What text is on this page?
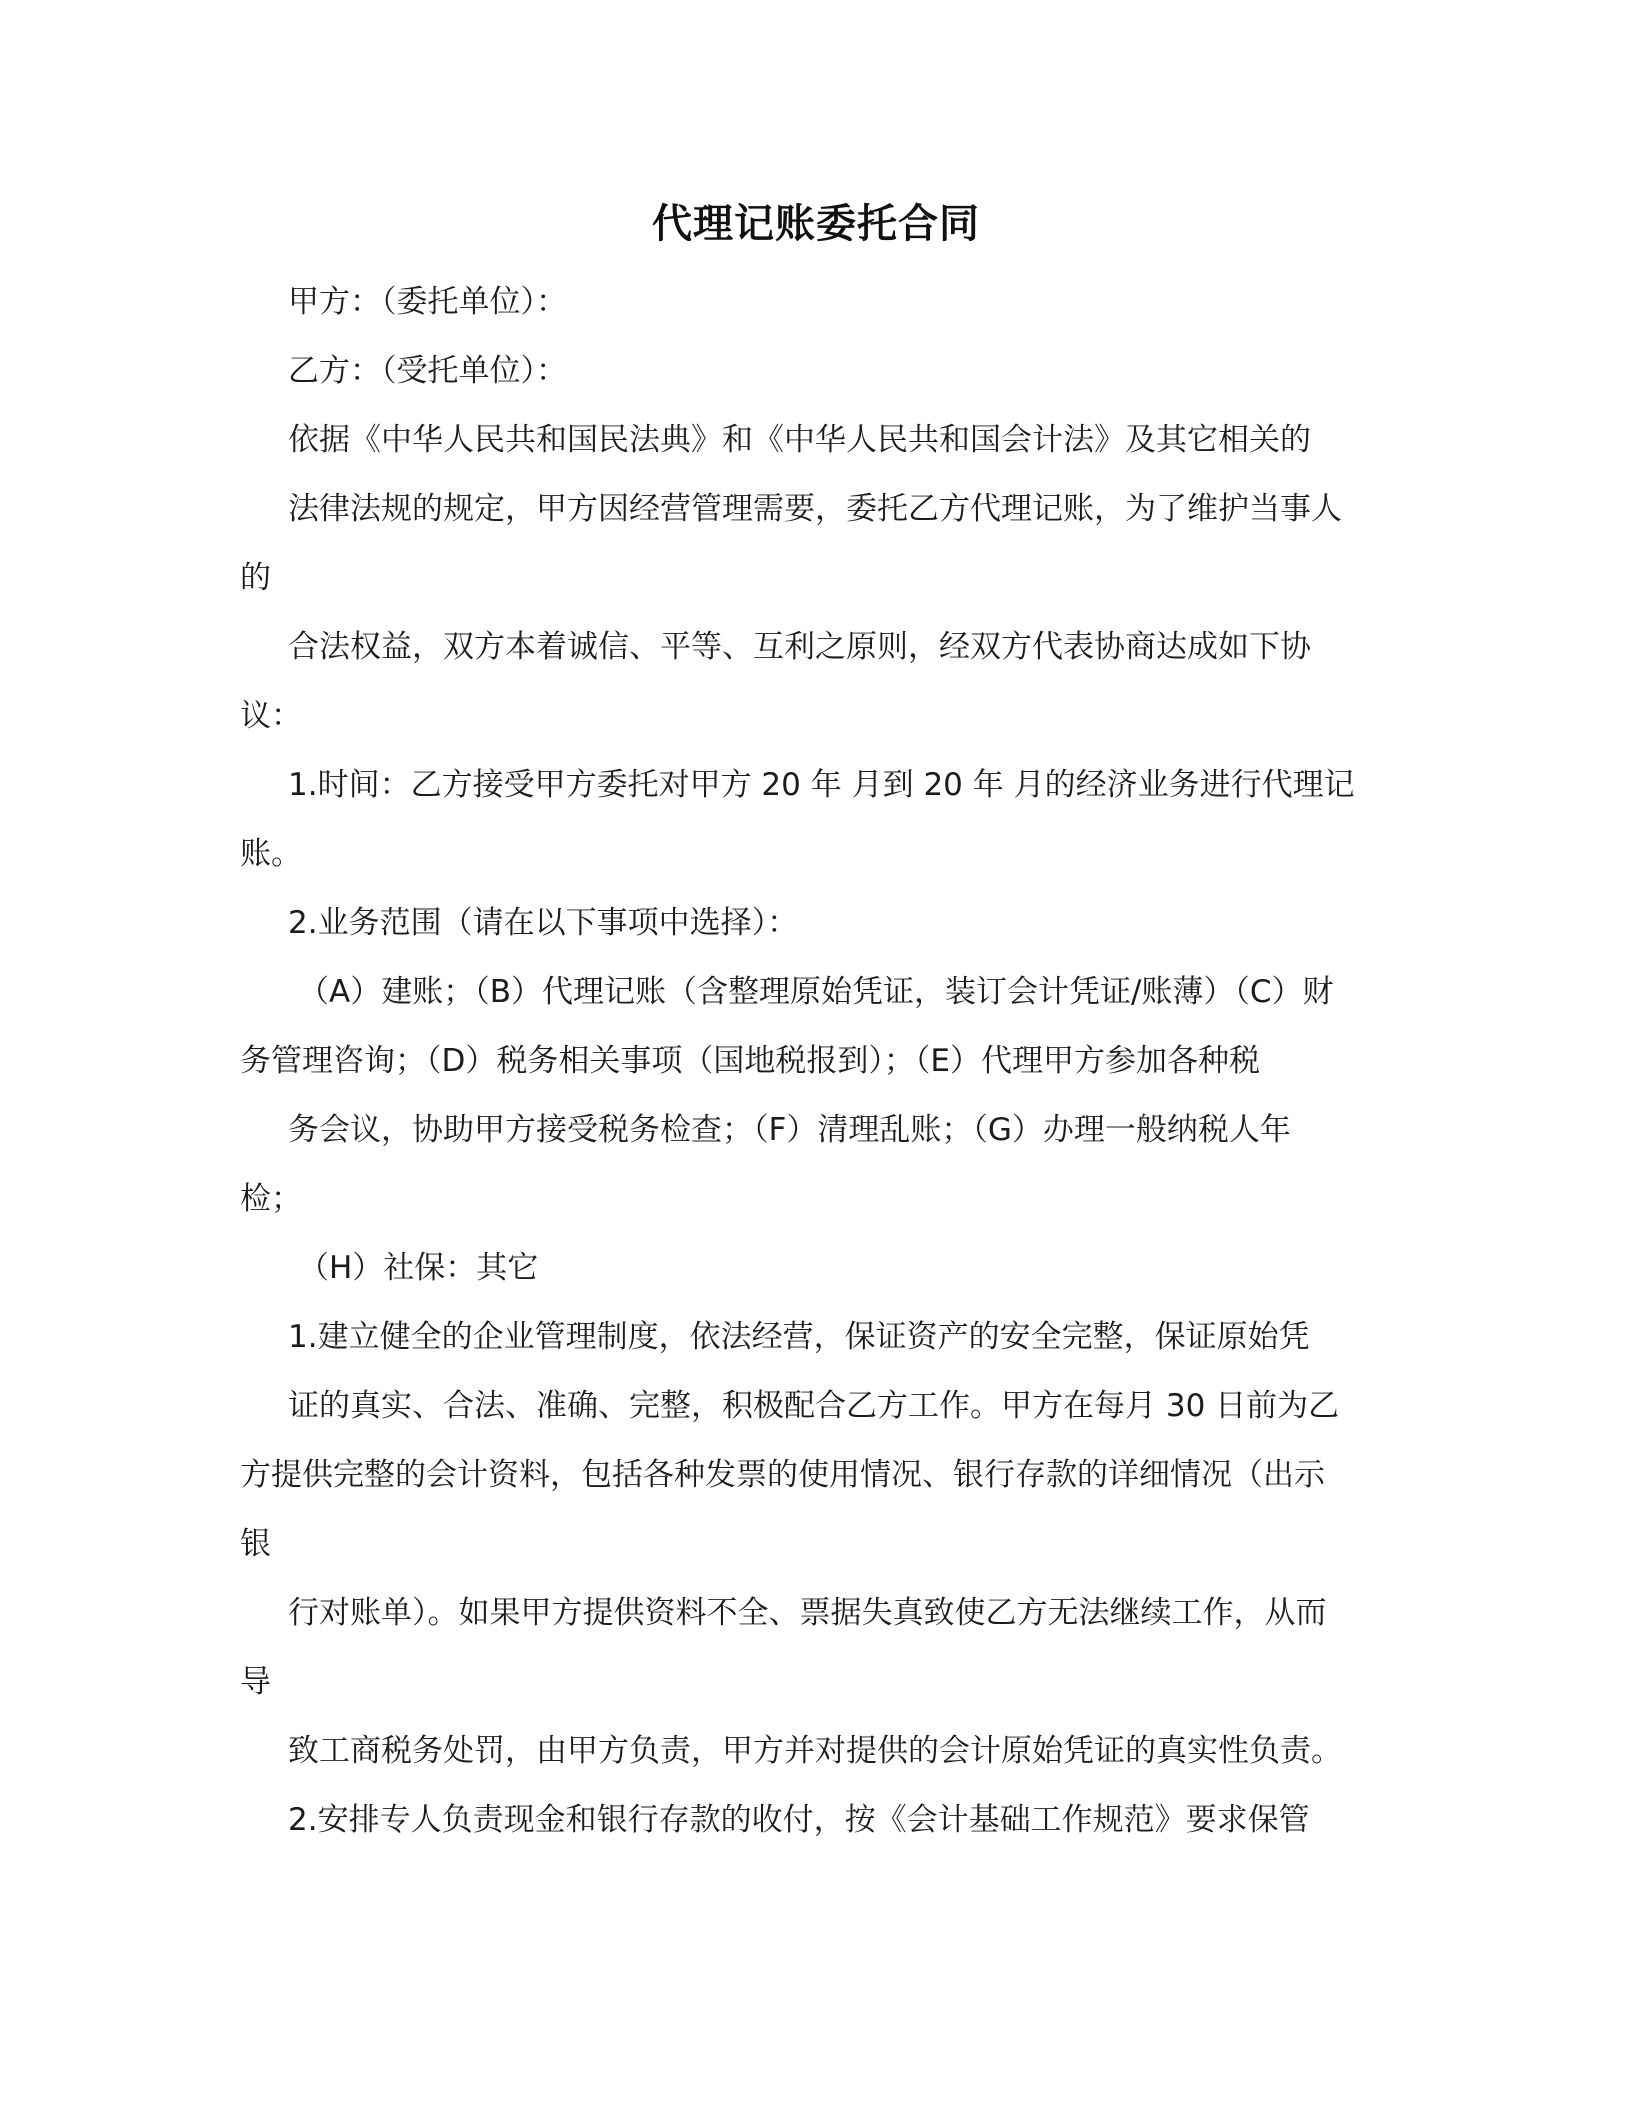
代理记账委托合同
甲方：（委托单位）：
乙方：（受托单位）：
依据《中华人民共和国民法典》和《中华人民共和国会计法》及其它相关的
法律法规的规定，甲方因经营管理需要，委托乙方代理记账，为了维护当事人
的
合法权益，双方本着诚信、平等、互利之原则，经双方代表协商达成如下协
议：
1.时间：乙方接受甲方委托对甲方 20 年 月到 20 年 月的经济业务进行代理记
账。
2.业务范围（请在以下事项中选择）：
（A）建账；（B）代理记账（含整理原始凭证，装订会计凭证/账薄）（C）财
务管理咨询；（D）税务相关事项（国地税报到）；（E）代理甲方参加各种税
务会议，协助甲方接受税务检查；（F）清理乱账；（G）办理一般纳税人年
检；
（H）社保：其它
1.建立健全的企业管理制度，依法经营，保证资产的安全完整，保证原始凭
证的真实、合法、准确、完整，积极配合乙方工作。甲方在每月 30 日前为乙
方提供完整的会计资料，包括各种发票的使用情况、银行存款的详细情况（出示
银
行对账单）。如果甲方提供资料不全、票据失真致使乙方无法继续工作，从而
导
致工商税务处罚，由甲方负责，甲方并对提供的会计原始凭证的真实性负责。
2.安排专人负责现金和银行存款的收付，按《会计基础工作规范》要求保管
